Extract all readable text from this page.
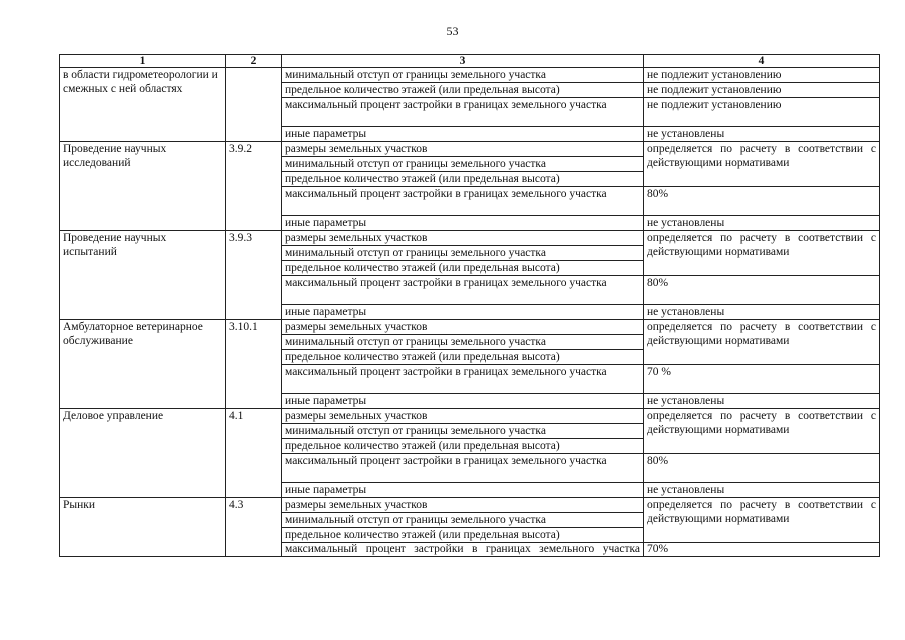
53
1	2	3	4
в области гидрометеорологии и смежных с ней областях		минимальный отступ от границы земельного участка	не подлежит установлению
		предельное количество этажей (или предельная высота)	не подлежит установлению
		максимальный процент застройки в границах земельного участка	не подлежит установлению
		иные параметры	не установлены
Проведение научных исследований	3.9.2	размеры земельных участков	определяется по расчету в соответствии с действующими нормативами
		минимальный отступ от границы земельного участка	
		предельное количество этажей (или предельная высота)	
		максимальный процент застройки в границах земельного участка	80%
		иные параметры	не установлены
Проведение научных испытаний	3.9.3	размеры земельных участков	определяется по расчету в соответствии с действующими нормативами
		минимальный отступ от границы земельного участка	
		предельное количество этажей (или предельная высота)	
		максимальный процент застройки в границах земельного участка	80%
		иные параметры	не установлены
Амбулаторное ветеринарное обслуживание	3.10.1	размеры земельных участков	определяется по расчету в соответствии с действующими нормативами
		минимальный отступ от границы земельного участка	
		предельное количество этажей (или предельная высота)	
		максимальный процент застройки в границах земельного участка	70 %
		иные параметры	не установлены
Деловое управление	4.1	размеры земельных участков	определяется по расчету в соответствии с действующими нормативами
		минимальный отступ от границы земельного участка	
		предельное количество этажей (или предельная высота)	
		максимальный процент застройки в границах земельного участка	80%
		иные параметры	не установлены
Рынки	4.3	размеры земельных участков	определяется по расчету в соответствии с действующими нормативами
		минимальный отступ от границы земельного участка	
		предельное количество этажей (или предельная высота)	
		максимальный процент застройки в границах земельного участка	70%
